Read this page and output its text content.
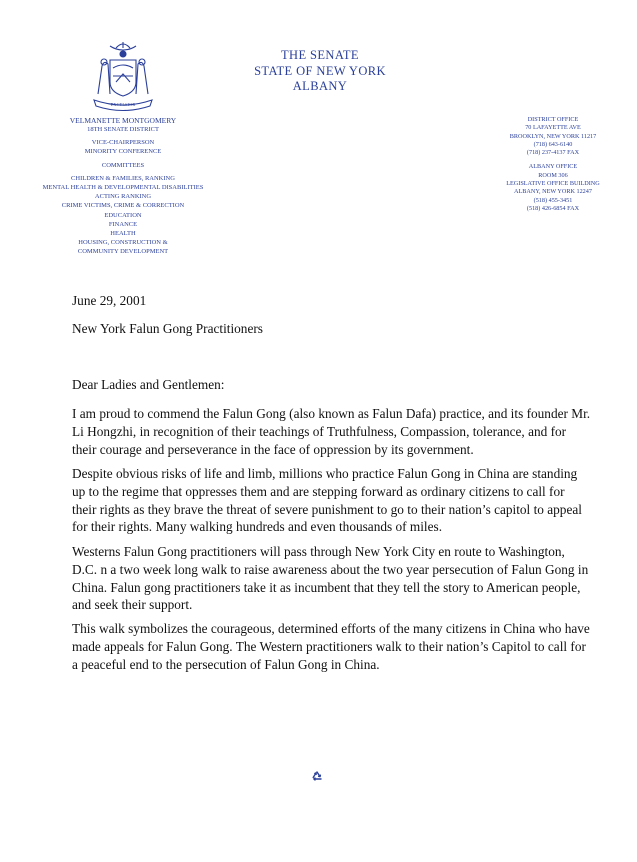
EXCELSIOR
THE SENATE
STATE OF NEW YORK
ALBANY
VELMANETTE MONTGOMERY
18TH SENATE DISTRICT
VICE-CHAIRPERSON
MINORITY CONFERENCE
COMMITTEES
CHILDREN & FAMILIES, RANKING
MENTAL HEALTH & DEVELOPMENTAL DISABILITIES
ACTING RANKING
CRIME VICTIMS, CRIME & CORRECTION
EDUCATION
FINANCE
HEALTH
HOUSING, CONSTRUCTION &
COMMUNITY DEVELOPMENT
DISTRICT OFFICE
70 LAFAYETTE AVE
BROOKLYN, NEW YORK 11217
(718) 643-6140
(718) 237-4137 FAX
ALBANY OFFICE
ROOM 306
LEGISLATIVE OFFICE BUILDING
ALBANY, NEW YORK 12247
(518) 455-3451
(518) 426-6854 FAX
June 29, 2001
New York Falun Gong Practitioners
Dear Ladies and Gentlemen:
I am proud to commend the Falun Gong (also known as Falun Dafa) practice, and its founder Mr. Li Hongzhi, in recognition of their teachings of Truthfulness, Compassion, tolerance, and for their courage and perseverance in the face of oppression by its government.
Despite obvious risks of life and limb, millions who practice Falun Gong in China are standing up to the regime that oppresses them and are stepping forward as ordinary citizens to call for their rights as they brave the threat of severe punishment to go to their nation’s capitol to appeal for their rights. Many walking hundreds and even thousands of miles.
Westerns Falun Gong practitioners will pass through New York City en route to Washington, D.C. n a two week long walk to raise awareness about the two year persecution of Falun Gong in China. Falun gong practitioners take it as incumbent that they tell the story to American people, and seek their support.
This walk symbolizes the courageous, determined efforts of the many citizens in China who have made appeals for Falun Gong. The Western practitioners walk to their nation’s Capitol to call for a peaceful end to the persecution of Falun Gong in China.
